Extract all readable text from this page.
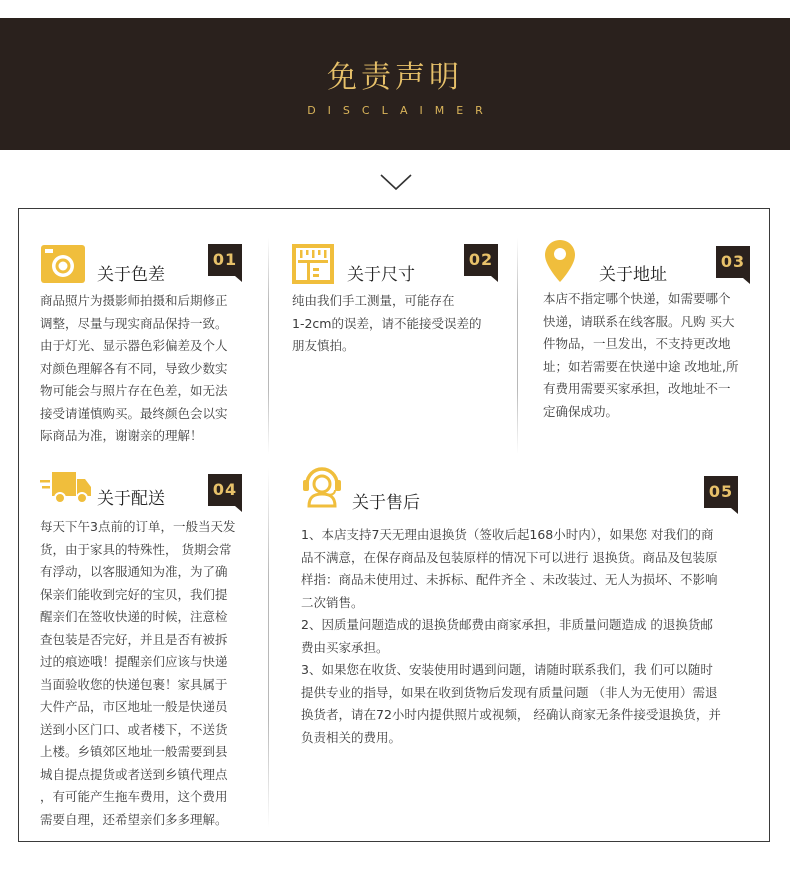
免责声明
DISCLAIMER
关于色差
01
商品照片为摄影师拍摄和后期修正
调整，尽量与现实商品保持一致。
由于灯光、显示器色彩偏差及个人
对颜色理解各有不同，导致少数实
物可能会与照片存在色差，如无法
接受请谨慎购买。最终颜色会以实
际商品为准，谢谢亲的理解！
关于尺寸
02
纯由我们手工测量，可能存在
1-2cm的误差，请不能接受误差的
朋友慎拍。
关于地址
03
本店不指定哪个快递，如需要哪个
快递，请联系在线客服。凡购 买大
件物品，一旦发出，不支持更改地
址；如若需要在快递中途 改地址,所
有费用需要买家承担，改地址不一
定确保成功。
关于配送	04
每天下午3点前的订单，一般当天发
货，由于家具的特殊性， 货期会常
有浮动，以客服通知为准，为了确
保亲们能收到完好的宝贝，我们提
醒亲们在签收快递的时候，注意检
查包装是否完好，并且是否有被拆
过的痕迹哦！提醒亲们应该与快递
当面验收您的快递包裹！家具属于
大件产品，市区地址一般是快递员
送到小区门口、或者楼下，不送货
上楼。乡镇郊区地址一般需要到县
城自提点提货或者送到乡镇代理点
，有可能产生拖车费用，这个费用
需要自理，还希望亲们多多理解。
关于售后
05
1、本店支持7天无理由退换货（签收后起168小时内），如果您 对我们的商
品不满意，在保存商品及包装原样的情况下可以进行 退换货。商品及包装原
样指：商品未使用过、未拆标、配件齐全 、未改装过、无人为损坏、不影响
二次销售。
2、因质量问题造成的退换货邮费由商家承担，非质量问题造成 的退换货邮
费由买家承担。
3、如果您在收货、安装使用时遇到问题，请随时联系我们，我 们可以随时
提供专业的指导，如果在收到货物后发现有质量问题 （非人为无使用）需退
换货者，请在72小时内提供照片或视频， 经确认商家无条件接受退换货，并
负责相关的费用。
